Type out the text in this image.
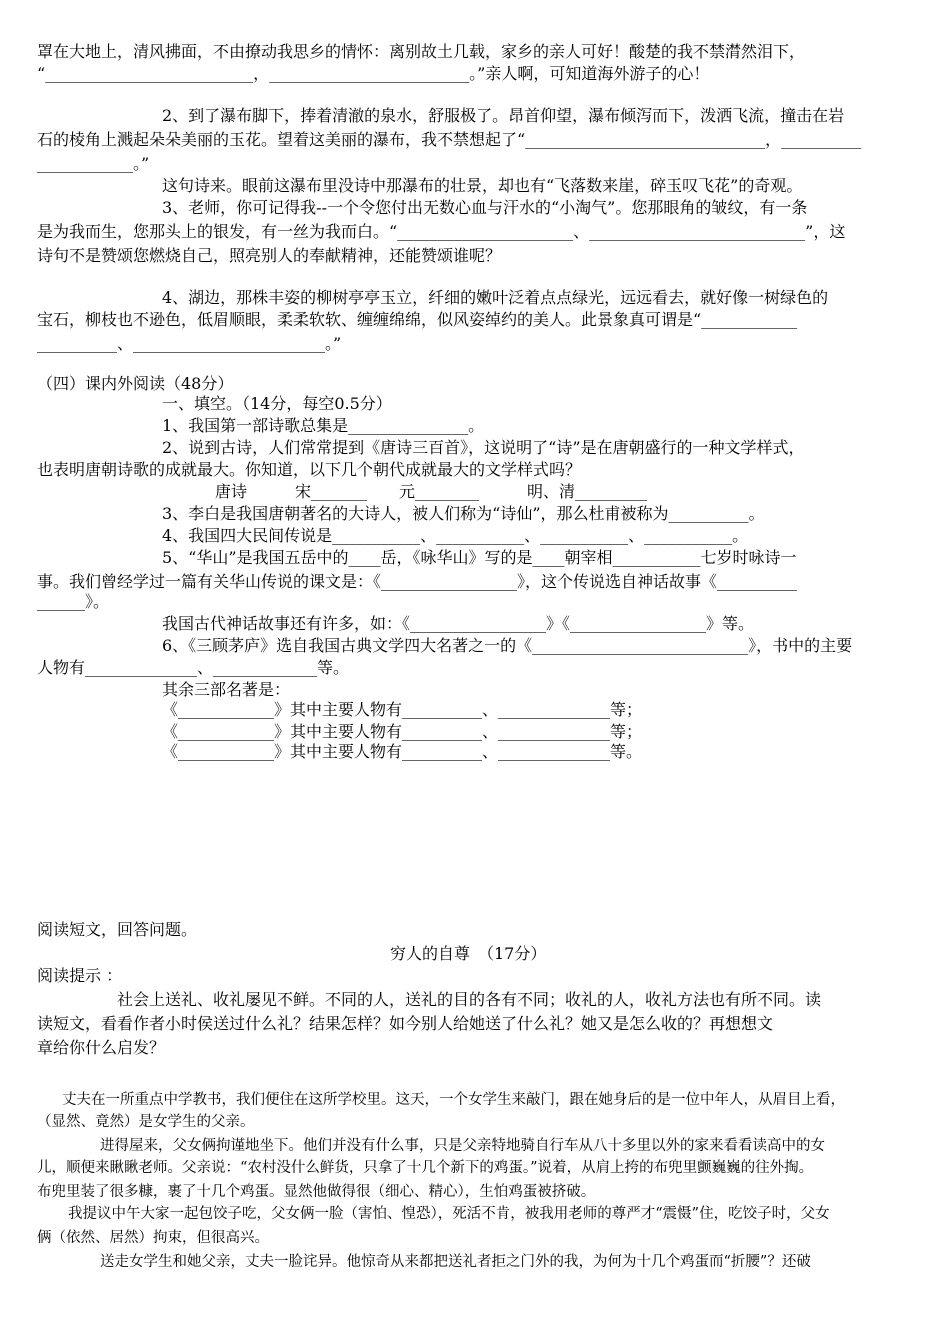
罩在大地上，清风拂面，不由撩动我思乡的情怀：离别故土几载，家乡的亲人可好！酸楚的我不禁潸然泪下，
“__________________________，_________________________。”亲人啊，可知道海外游子的心！
2、到了瀑布脚下，捧着清澈的泉水，舒服极了。昂首仰望，瀑布倾泻而下，泼洒飞流，撞击在岩
石的棱角上溅起朵朵美丽的玉花。望着这美丽的瀑布，我不禁想起了“______________________________，__________
____________。”
这句诗来。眼前这瀑布里没诗中那瀑布的壮景，却也有“飞落数来崖，碎玉叹飞花”的奇观。
3、老师，你可记得我--一个令您付出无数心血与汗水的“小淘气”。您那眼角的皱纹，有一条
是为我而生，您那头上的银发，有一丝为我而白。“______________________、___________________________”，这
诗句不是赞颂您燃烧自己，照亮别人的奉献精神，还能赞颂谁呢？
4、湖边，那株丰姿的柳树亭亭玉立，纤细的嫩叶泛着点点绿光，远远看去，就好像一树绿色的
宝石，柳枝也不逊色，低眉顺眼，柔柔软软、缠缠绵绵，似风姿绰约的美人。此景象真可谓是“____________
__________、________________________。”
（四）课内外阅读（48分）
一、填空。（14分，每空0.5分）
1、我国第一部诗歌总集是_______________。
2、说到古诗，人们常常提到《唐诗三百首》，这说明了“诗”是在唐朝盛行的一种文学样式，
也表明唐朝诗歌的成就最大。你知道，以下几个朝代成就最大的文学样式吗？
唐诗　　　宋_______　　元________　　　明、清_________
3、李白是我国唐朝著名的大诗人，被人们称为“诗仙”，那么杜甫被称为__________。
4、我国四大民间传说是___________、___________、___________、___________。
5、“华山”是我国五岳中的____岳，《咏华山》写的是____朝宰相___________七岁时咏诗一
事。我们曾经学过一篇有关华山传说的课文是：《_________________》，这个传说选自神话故事《__________
______》。
我国古代神话故事还有许多，如：《_________________》《_________________》等。
6、《三顾茅庐》选自我国古典文学四大名著之一的《___________________________》，书中的主要
人物有______________、_____________等。
其余三部名著是：
《____________》其中主要人物有__________、______________等；
《____________》其中主要人物有__________、______________等；
《____________》其中主要人物有__________、______________等。
阅读短文，回答问题。
穷人的自尊　（17分）
阅读提示 ：
社会上送礼、收礼屡见不鲜。不同的人，送礼的目的各有不同；收礼的人，收礼方法也有所不同。读
读短文，看看作者小时侯送过什么礼？结果怎样？如今别人给她送了什么礼？她又是怎么收的？再想想文
章给你什么启发？
丈夫在一所重点中学教书，我们便住在这所学校里。这天，一个女学生来敲门，跟在她身后的是一位中年人，从眉目上看，
（显然、竟然）是女学生的父亲。
进得屋来，父女俩拘谨地坐下。他们并没有什么事，只是父亲特地骑自行车从八十多里以外的家来看看读高中的女
儿，顺便来瞅瞅老师。父亲说：“农村没什么鲜货，只拿了十几个新下的鸡蛋。”说着，从肩上挎的布兜里颤巍巍的往外掏。
布兜里装了很多糠，裹了十几个鸡蛋。显然他做得很（细心、精心），生怕鸡蛋被挤破。
我提议中午大家一起包饺子吃，父女俩一脸（害怕、惶恐），死活不肯，被我用老师的尊严才“震慑”住，吃饺子时，父女
俩（依然、居然）拘束，但很高兴。
送走女学生和她父亲，丈夫一脸诧异。他惊奇从来都把送礼者拒之门外的我，为何为十几个鸡蛋而“折腰”？还破
